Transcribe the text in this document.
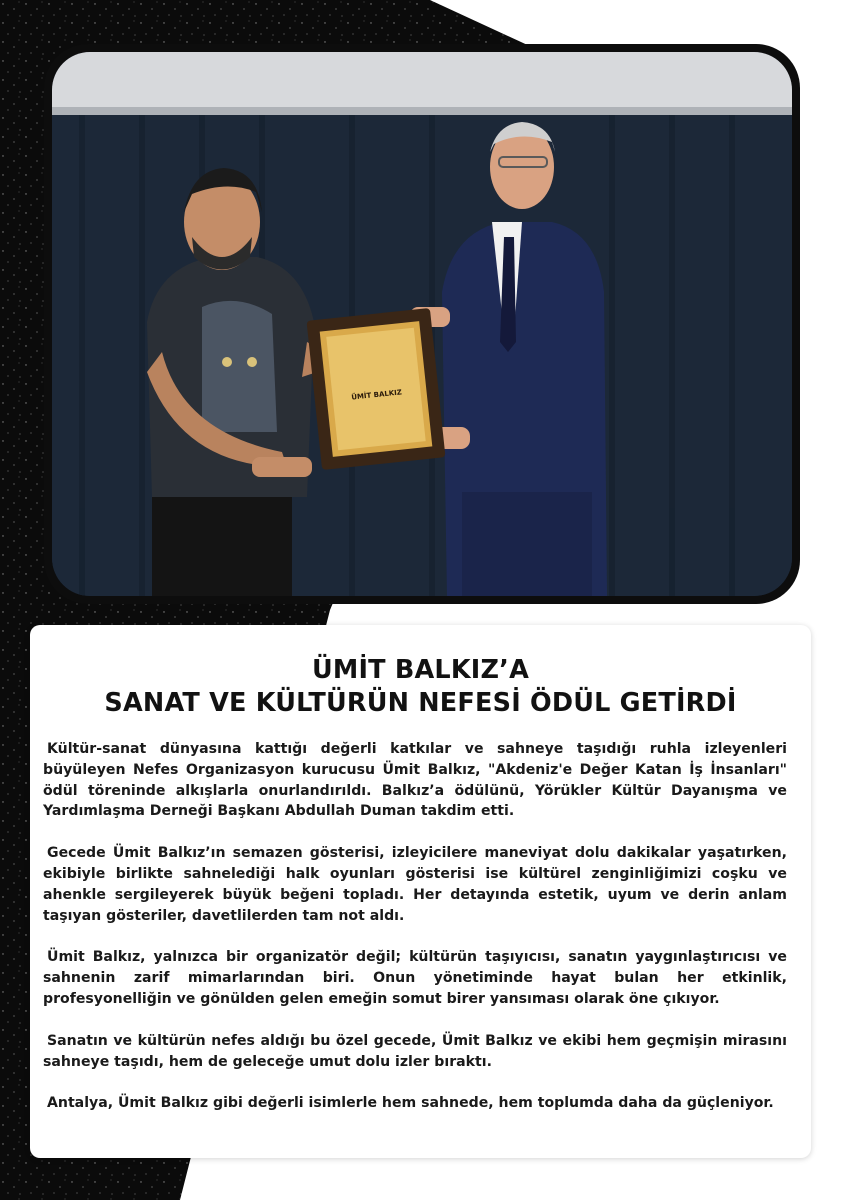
ÜMİT BALKIZ
ÜMİT BALKIZ’A
SANAT VE KÜLTÜRÜN NEFESİ ÖDÜL GETİRDİ

Kültür-sanat dünyasına kattığı değerli katkılar ve sahneye taşıdığı ruhla izleyenleri büyüleyen Nefes Organizasyon kurucusu Ümit Balkız, "Akdeniz'e Değer Katan İş İnsanları" ödül töreninde alkışlarla onurlandırıldı. Balkız’a ödülünü, Yörükler Kültür Dayanışma ve Yardımlaşma Derneği Başkanı Abdullah Duman takdim etti.

Gecede Ümit Balkız’ın semazen gösterisi, izleyicilere maneviyat dolu dakikalar yaşatırken, ekibiyle birlikte sahnelediği halk oyunları gösterisi ise kültürel zenginliğimizi coşku ve ahenkle sergileyerek büyük beğeni topladı. Her detayında estetik, uyum ve derin anlam taşıyan gösteriler, davetlilerden tam not aldı.

Ümit Balkız, yalnızca bir organizatör değil; kültürün taşıyıcısı, sanatın yaygınlaştırıcısı ve sahnenin zarif mimarlarından biri. Onun yönetiminde hayat bulan her etkinlik, profesyonelliğin ve gönülden gelen emeğin somut birer yansıması olarak öne çıkıyor.

Sanatın ve kültürün nefes aldığı bu özel gecede, Ümit Balkız ve ekibi hem geçmişin mirasını sahneye taşıdı, hem de geleceğe umut dolu izler bıraktı.

Antalya, Ümit Balkız gibi değerli isimlerle hem sahnede, hem toplumda daha da güçleniyor.
